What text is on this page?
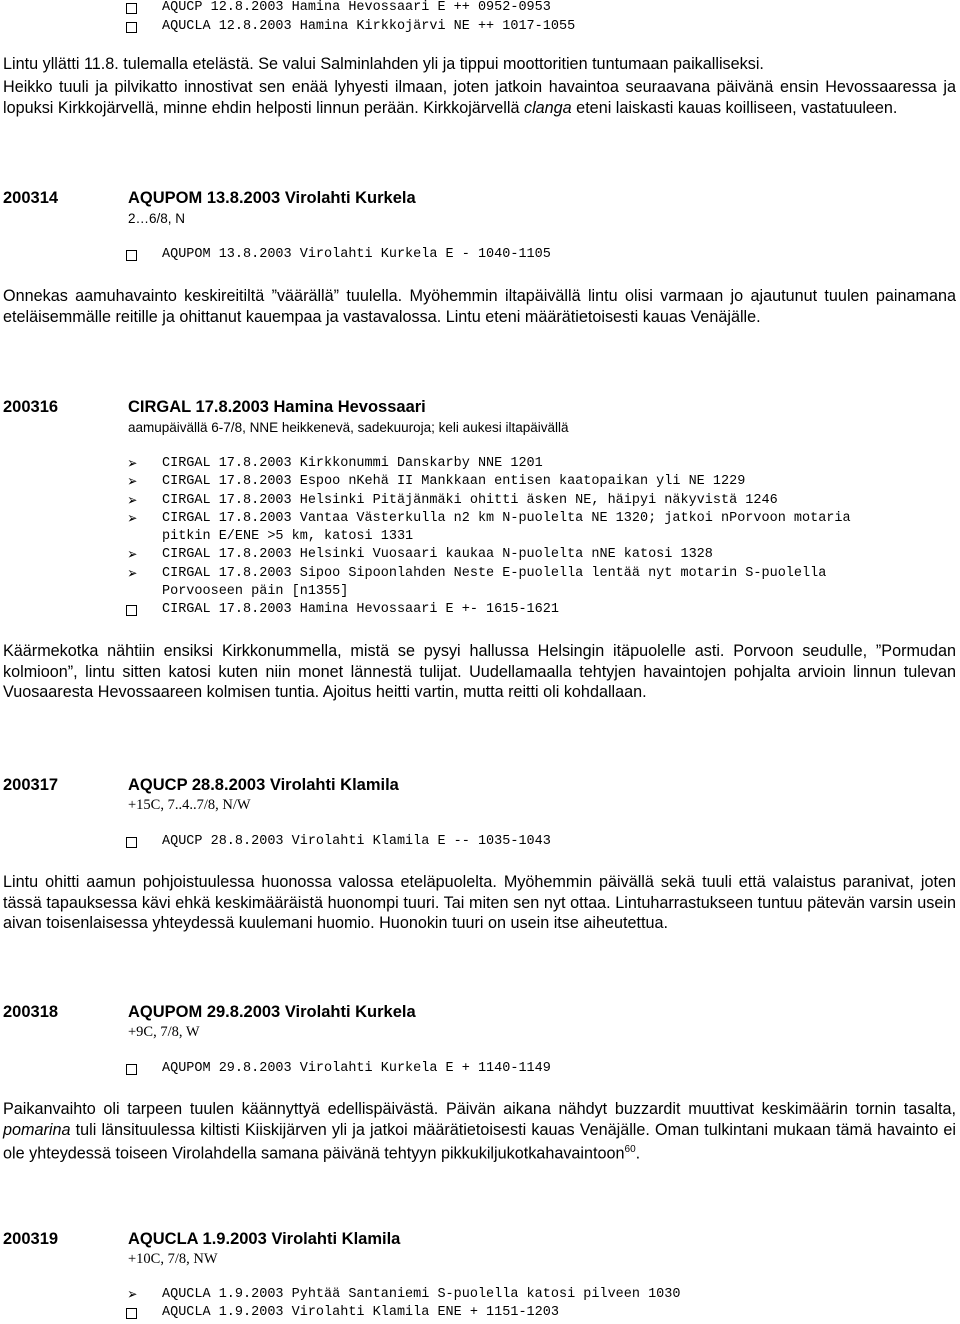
AQUCP 12.8.2003 Hamina Hevossaari E ++ 0952-0953
AQUCLA 12.8.2003 Hamina Kirkkojärvi NE ++ 1017-1055
Lintu yllätti 11.8. tulemalla etelästä. Se valui Salminlahden yli ja tippui moottoritien tuntumaan paikalliseksi.

Heikko tuuli ja pilvikatto innostivat sen enää lyhyesti ilmaan, joten jatkoin havaintoa seuraavana päivänä ensin Hevossaaressa ja lopuksi Kirkkojärvellä, minne ehdin helposti linnun perään. Kirkkojärvellä clanga eteni laiskasti kauas koilliseen, vastatuuleen.

200314	AQUPOM 13.8.2003 Virolahti Kurkela
2…6/8, N
AQUPOM 13.8.2003 Virolahti Kurkela E - 1040-1105

Onnekas aamuhavainto keskireitiltä ”väärällä” tuulella. Myöhemmin iltapäivällä lintu olisi varmaan jo ajautunut tuulen painamana eteläisemmälle reitille ja ohittanut kauempaa ja vastavalossa. Lintu eteni määrätietoisesti kauas Venäjälle.

200316	CIRGAL 17.8.2003 Hamina Hevossaari
aamupäivällä 6-7/8, NNE heikkenevä, sadekuuroja; keli aukesi iltapäivällä
➢	CIRGAL 17.8.2003 Kirkkonummi Danskarby NNE 1201
➢	CIRGAL 17.8.2003 Espoo nKehä II Mankkaan entisen kaatopaikan yli NE 1229
➢	CIRGAL 17.8.2003 Helsinki Pitäjänmäki ohitti äsken NE, häipyi näkyvistä 1246
➢	CIRGAL 17.8.2003 Vantaa Västerkulla n2 km N-puolelta NE 1320; jatkoi nPorvoon motaria
pitkin E/ENE >5 km, katosi 1331
➢	CIRGAL 17.8.2003 Helsinki Vuosaari kaukaa N-puolelta nNE katosi 1328
➢	CIRGAL 17.8.2003 Sipoo Sipoonlahden Neste E-puolella lentää nyt motarin S-puolella
Porvooseen päin [n1355]
CIRGAL 17.8.2003 Hamina Hevossaari E +- 1615-1621

Käärmekotka nähtiin ensiksi Kirkkonummella, mistä se pysyi hallussa Helsingin itäpuolelle asti. Porvoon seudulle, ”Pormudan kolmioon”, lintu sitten katosi kuten niin monet lännestä tulijat. Uudellamaalla tehtyjen havaintojen pohjalta arvioin linnun tulevan Vuosaaresta Hevossaareen kolmisen tuntia. Ajoitus heitti vartin, mutta reitti oli kohdallaan.

200317	AQUCP 28.8.2003 Virolahti Klamila
+15C, 7..4..7/8, N/W
AQUCP 28.8.2003 Virolahti Klamila E -- 1035-1043

Lintu ohitti aamun pohjoistuulessa huonossa valossa eteläpuolelta. Myöhemmin päivällä sekä tuuli että valaistus paranivat, joten tässä tapauksessa kävi ehkä keskimääräistä huonompi tuuri. Tai miten sen nyt ottaa. Lintuharrastukseen tuntuu pätevän varsin usein aivan toisenlaisessa yhteydessä kuulemani huomio. Huonokin tuuri on usein itse aiheutettua.

200318	AQUPOM 29.8.2003 Virolahti Kurkela
+9C, 7/8, W
AQUPOM 29.8.2003 Virolahti Kurkela E + 1140-1149

Paikanvaihto oli tarpeen tuulen käännyttyä edellispäivästä. Päivän aikana nähdyt buzzardit muuttivat keskimäärin tornin tasalta, pomarina tuli länsituulessa kiltisti Kiiskijärven yli ja jatkoi määrätietoisesti kauas Venäjälle. Oman tulkintani mukaan tämä havainto ei ole yhteydessä toiseen Virolahdella samana päivänä tehtyyn pikkukiljukotkahavaintoon$^{60}$.

200319	AQUCLA 1.9.2003 Virolahti Klamila
+10C, 7/8, NW
➢	AQUCLA 1.9.2003 Pyhtää Santaniemi S-puolella katosi pilveen 1030
AQUCLA 1.9.2003 Virolahti Klamila ENE + 1151-1203
